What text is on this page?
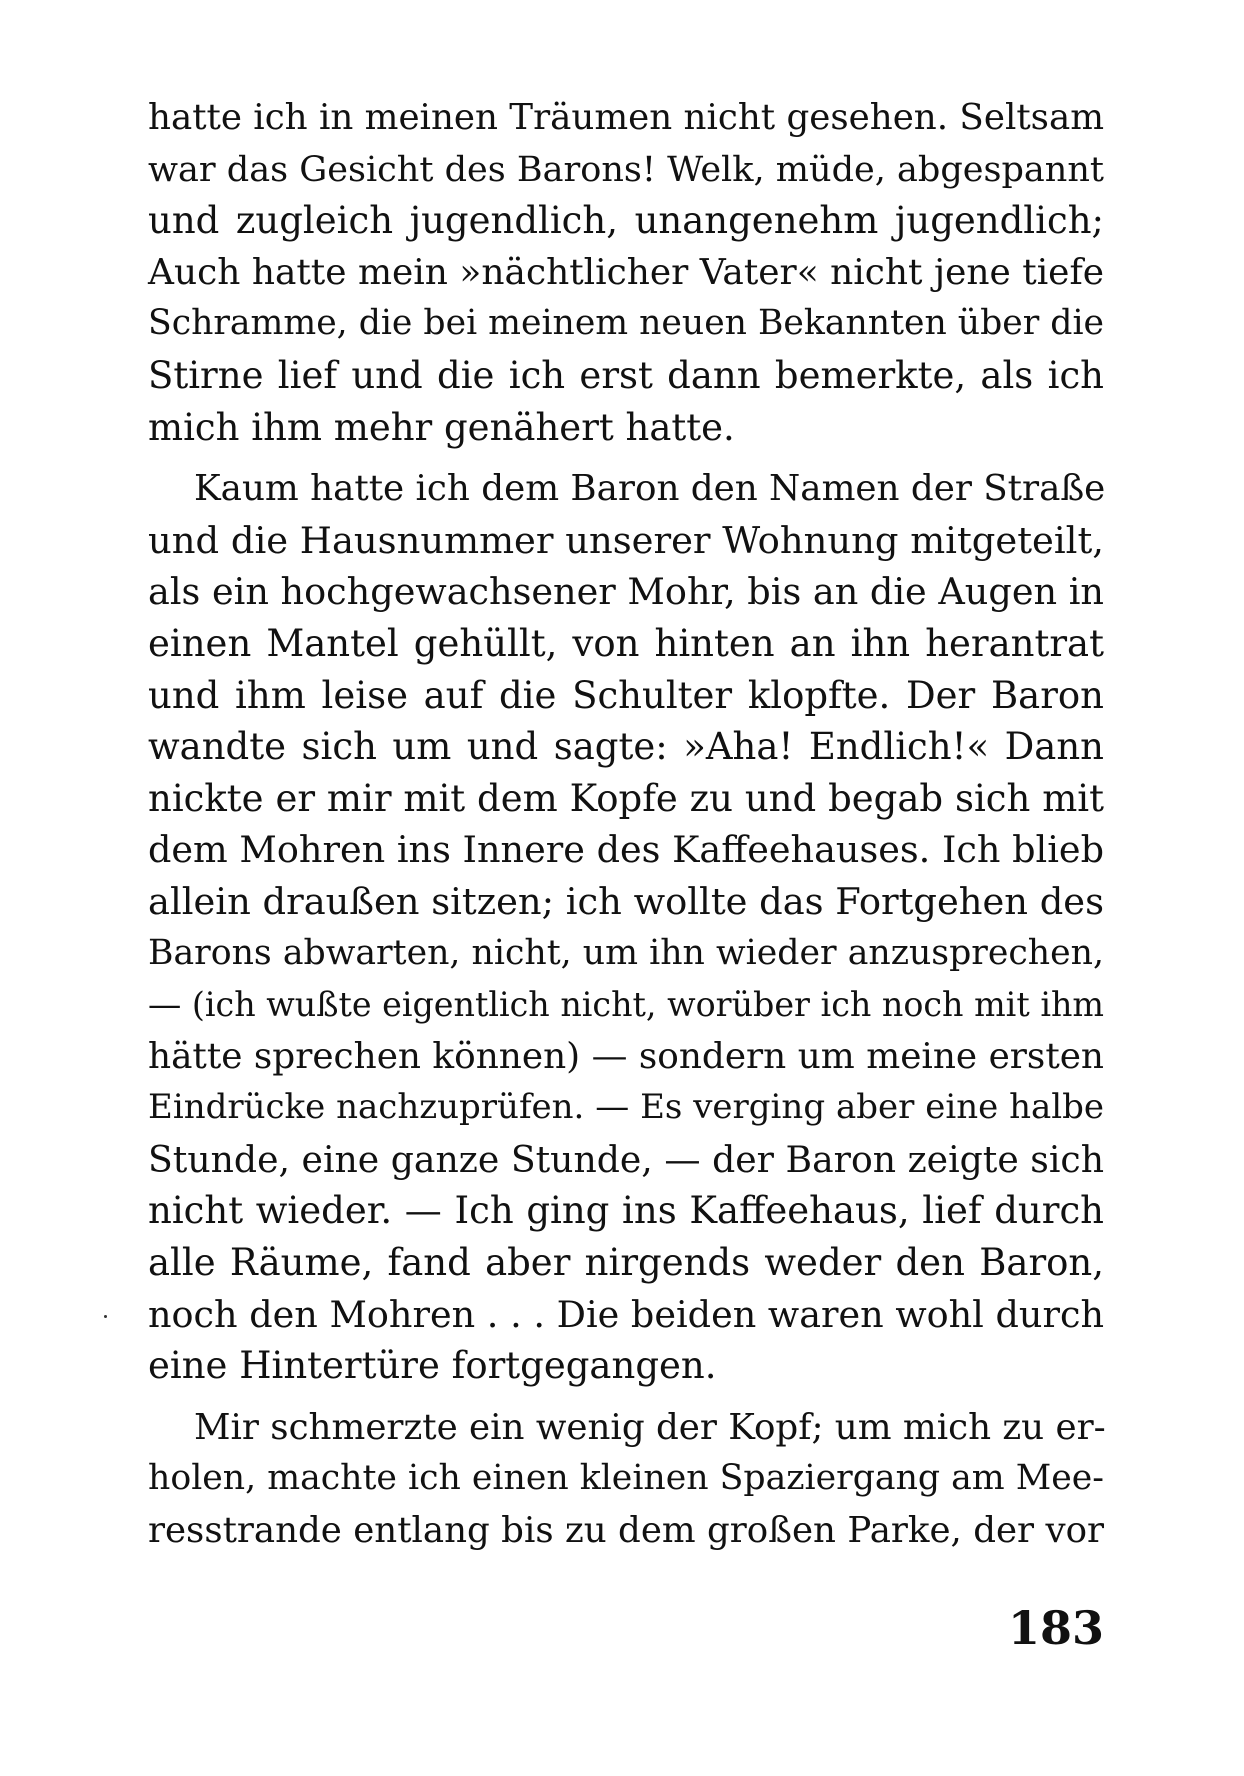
hatte ich in meinen Träumen nicht gesehen. Seltsam
war das Gesicht des Barons! Welk, müde, abgespannt
und zugleich jugendlich, unangenehm jugendlich;
Auch hatte mein »nächtlicher Vater« nicht jene tiefe
Schramme, die bei meinem neuen Bekannten über die
Stirne lief und die ich erst dann bemerkte, als ich
mich ihm mehr genähert hatte.
Kaum hatte ich dem Baron den Namen der Straße
und die Hausnummer unserer Wohnung mitgeteilt,
als ein hochgewachsener Mohr, bis an die Augen in
einen Mantel gehüllt, von hinten an ihn herantrat
und ihm leise auf die Schulter klopfte. Der Baron
wandte sich um und sagte: »Aha! Endlich!« Dann
nickte er mir mit dem Kopfe zu und begab sich mit
dem Mohren ins Innere des Kaffeehauses. Ich blieb
allein draußen sitzen; ich wollte das Fortgehen des
Barons abwarten, nicht, um ihn wieder anzusprechen,
— (ich wußte eigentlich nicht, worüber ich noch mit ihm
hätte sprechen können) — sondern um meine ersten
Eindrücke nachzuprüfen. — Es verging aber eine halbe
Stunde, eine ganze Stunde, — der Baron zeigte sich
nicht wieder. — Ich ging ins Kaffeehaus, lief durch
alle Räume, fand aber nirgends weder den Baron,
noch den Mohren . . . Die beiden waren wohl durch
eine Hintertüre fortgegangen.
Mir schmerzte ein wenig der Kopf; um mich zu er-
holen, machte ich einen kleinen Spaziergang am Mee-
resstrande entlang bis zu dem großen Parke, der vor
183
